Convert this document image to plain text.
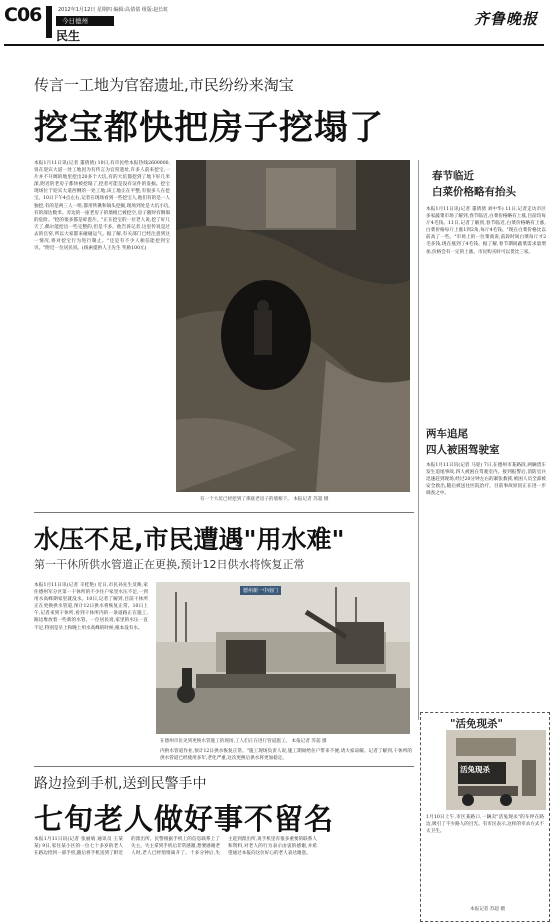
C06	2012年1月12日 星期四 编辑:高倩倩 组版:赵长虹
今日德州
民生
齐鲁晚报
传言一工地为官窑遗址,市民纷纷来淘宝
挖宝都快把房子挖塌了
本报1月11日讯(记者 董倩倩) 10日,有市民给本报热线2600000,说在迎宾大道一处工地因为有传言为官窑遗址,许多人前来挖宝,一片并不开阔的地里挖出20多个大坑,有的大坑都挖到了地下好几米深,附近的老房子都快被挖塌了,挖者可能是没有证件的发掘。挖宝现场位于迎宾大道西侧的一处工地,该工地正在平整,有很多人在挖宝。10日下午4点左右,记者在现场看到一些挖宝人,他们有的是一人独挖,有的是两三人一组,都用铁锹和镐头挖掘,现场到处是大坑小坑,有的深达数米。旁边的一座老房子的墙根已被挖空,房子随时有倒塌的危险。"挖的很多都是碎瓷片。"正在挖宝的一位老人说,挖了好几天了,偶尔能挖出一些完整的,但是不多。他告诉记者,这里传说是过去的官窑,所以大家都来碰碰运气。据了解,有关部门已经注意到这一情况,将对挖宝行为进行制止。"还是有不少人相信能挖到宝贝。"附近一位居民说。(线索提供人王先生 奖励100元)
有一个大坑已经挖到了那座老房子的墙根下。 本报记者 苏超 摄
春节临近
白菜价格略有抬头
本报1月11日讯(记者 董倩倩 刘中华) 11日,记者走访市区多家蔬菜市场了解到,春节临近,白菜价格略有上涨,目前均每斤4毛钱。11日,记者了解到,春节临近,白菜价格略有上涨,白菜价格每斤上涨1到2角,每斤4毛钱。"现在白菜价格比以前高了一些。"市场上的一位菜商说,前段时间白菜每斤才2毛多钱,现在涨到了4毛钱。据了解,春节期间蔬菜需求量增加,价格会有一定的上涨。市民购买时可以货比三家。
两车追尾
四人被困驾驶室
本报1月11日讯(记者 马迎) 7日,在德州市某路段,两辆货车发生追尾事故,四人被困在驾驶室内。接到报警后,消防官兵迅速赶到现场,经过20分钟左右的紧张救援,被困人员全部被安全救出,随后被送往医院治疗。目前事故原因正在进一步调查之中。
"活免现杀"
活兔现杀
1月10日上午,市区某路口,一辆卖"活兔现杀"的车停在路边,吸引了不少路人的目光。有市民表示,这样的宰杀方式不太卫生。
本报记者 苏超 摄
水压不足,市民遭遇"用水难"
第一干休所供水管道正在更换,预计12日供水将恢复正常
本报1月11日讯(记者 辛桂艳) 近日,市民孙先生反映,家住德州军分区第一干休所的不少住户家里水压不足,一到用水高峰期家里就没水。10日,记者了解到,目前干休所正在更换供水管道,预计12日供水将恢复正常。10日上午,记者来到干休所,看到干休所内的一条道路正在施工,路边堆放着一些新的水管。一位居民说,家里的水压一直不足,特别是早上和晚上用水高峰的时候,根本没有水。
德州新一中南门
在德州市民见到更换水管施工的现场,工人们正在进行管道施工。 本报记者 苏超 摄
内供水管道作业,预计12日供水恢复正常。"施工现场负责人说,施工期间给住户带来不便,请大家谅解。记者了解到,干休所的供水管道已经使用多年,老化严重,这次更换后供水将更加稳定。
路边捡到手机,送到民警手中
七旬老人做好事不留名
本报1月11日讯(记者 张丽娟 通讯员 王某某) 9日,家住某小区的一位七十多岁的老人在路边捡到一部手机,随后将手机送到了附近的派出所。民警根据手机上的信息联系上了失主。失主拿到手机后非常感激,想要感谢老人时,老人已经悄悄离开了。十多分钟后,失主赶到派出所,说手机里有很多重要的联系人和资料,对老人的行为表示由衷的感谢,并希望通过本报向这位好心的老人表达谢意。
